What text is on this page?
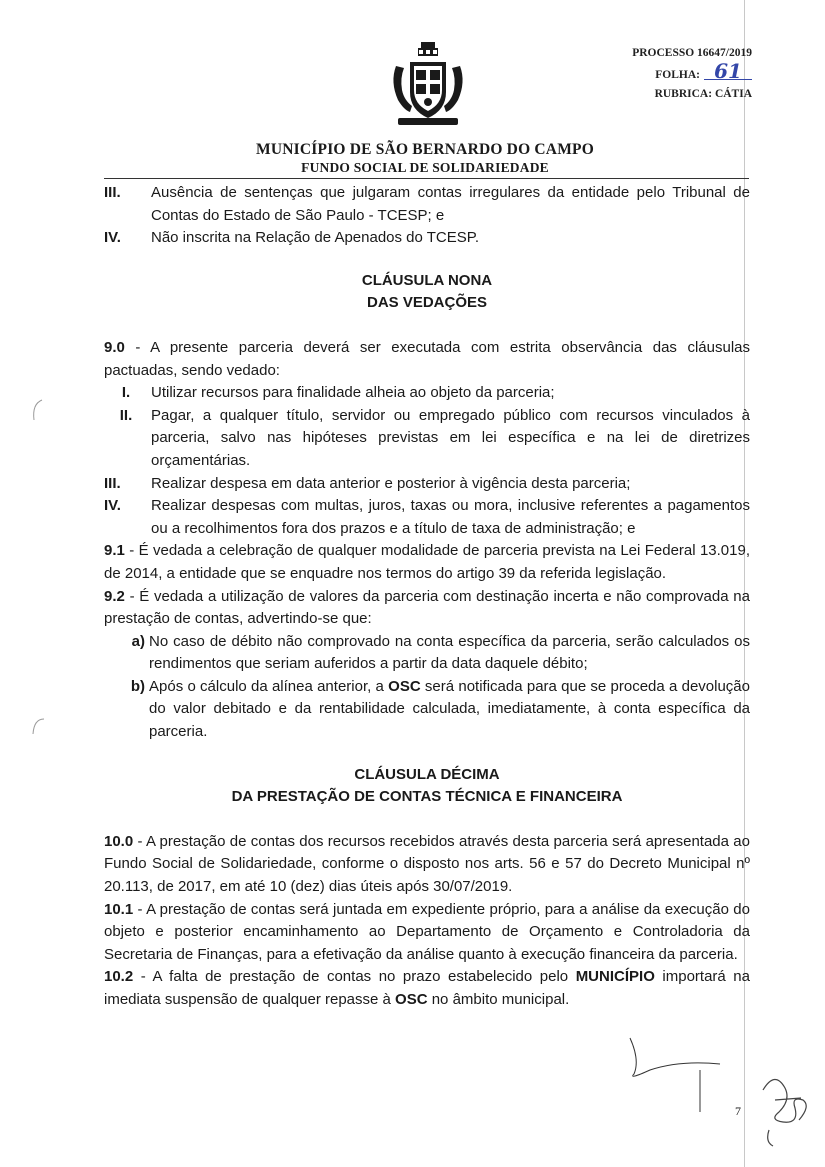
PROCESSO 16647/2019
FOLHA: 61
RUBRICA: CÁTIA
MUNICÍPIO DE SÃO BERNARDO DO CAMPO
FUNDO SOCIAL DE SOLIDARIEDADE
III.	Ausência de sentenças que julgaram contas irregulares da entidade pelo Tribunal de Contas do Estado de São Paulo - TCESP; e
IV.	Não inscrita na Relação de Apenados do TCESP.
CLÁUSULA NONA
DAS VEDAÇÕES

9.0 - A presente parceria deverá ser executada com estrita observância das cláusulas pactuadas, sendo vedado:

I.	Utilizar recursos para finalidade alheia ao objeto da parceria;
II.	Pagar, a qualquer título, servidor ou empregado público com recursos vinculados à parceria, salvo nas hipóteses previstas em lei específica e na lei de diretrizes orçamentárias.
III.	Realizar despesa em data anterior e posterior à vigência desta parceria;
IV.	Realizar despesas com multas, juros, taxas ou mora, inclusive referentes a pagamentos ou a recolhimentos fora dos prazos e a título de taxa de administração; e

9.1 - É vedada a celebração de qualquer modalidade de parceria prevista na Lei Federal 13.019, de 2014, a entidade que se enquadre nos termos do artigo 39 da referida legislação.

9.2 - É vedada a utilização de valores da parceria com destinação incerta e não comprovada na prestação de contas, advertindo-se que:

a) No caso de débito não comprovado na conta específica da parceria, serão calculados os rendimentos que seriam auferidos a partir da data daquele débito;
b) Após o cálculo da alínea anterior, a OSC será notificada para que se proceda a devolução do valor debitado e da rentabilidade calculada, imediatamente, à conta específica da parceria.
CLÁUSULA DÉCIMA
DA PRESTAÇÃO DE CONTAS TÉCNICA E FINANCEIRA

10.0 - A prestação de contas dos recursos recebidos através desta parceria será apresentada ao Fundo Social de Solidariedade, conforme o disposto nos arts. 56 e 57 do Decreto Municipal nº 20.113, de 2017, em até 10 (dez) dias úteis após 30/07/2019.

10.1 - A prestação de contas será juntada em expediente próprio, para a análise da execução do objeto e posterior encaminhamento ao Departamento de Orçamento e Controladoria da Secretaria de Finanças, para a efetivação da análise quanto à execução financeira da parceria.

10.2 - A falta de prestação de contas no prazo estabelecido pelo MUNICÍPIO importará na imediata suspensão de qualquer repasse à OSC no âmbito municipal.

7
